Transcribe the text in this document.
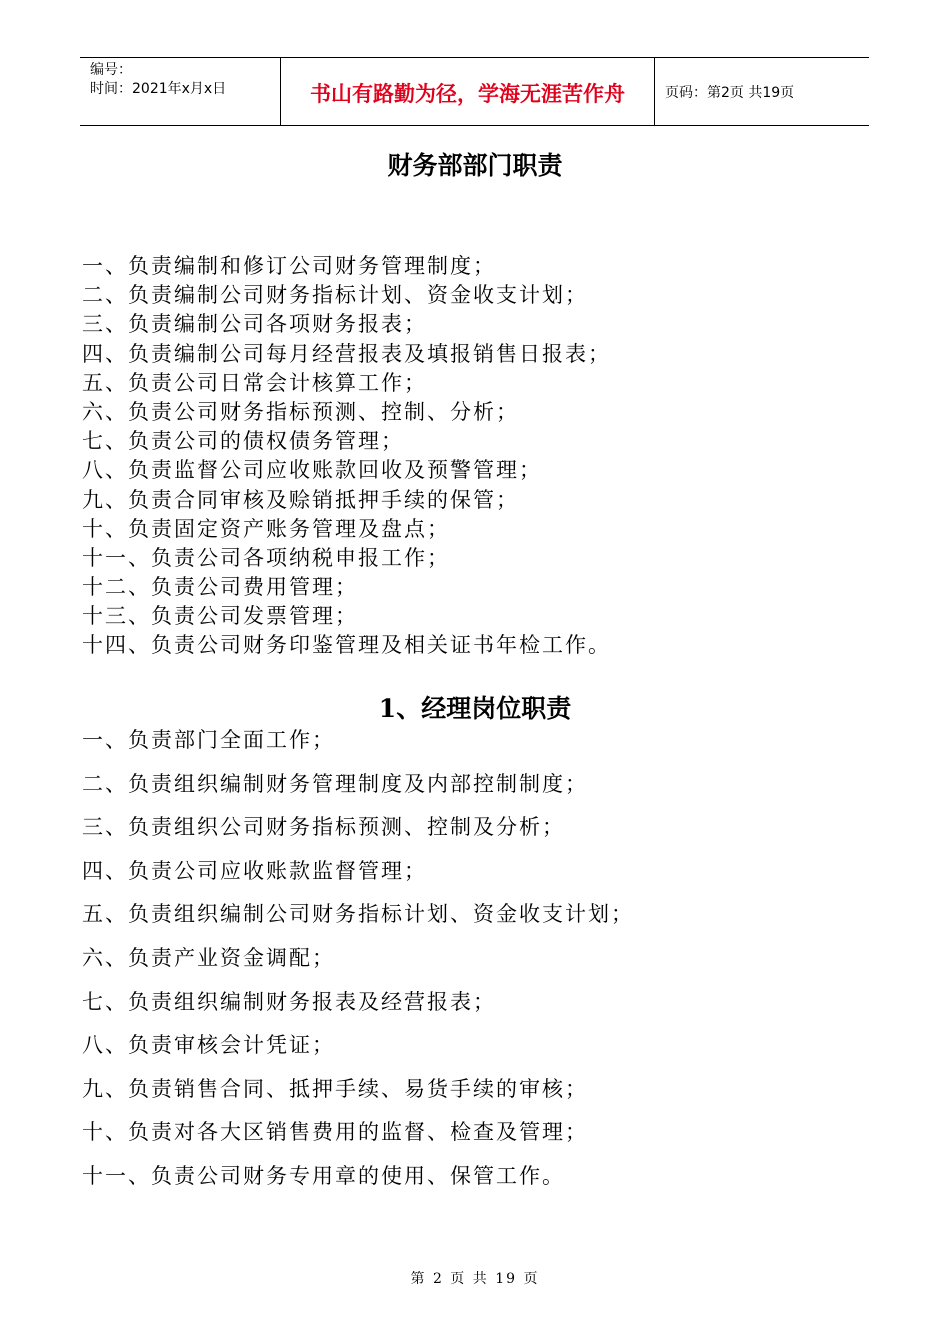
编号：
时间：2021年x月x日	书山有路勤为径，学海无涯苦作舟	页码：第2页 共19页
财务部部门职责
一、负责编制和修订公司财务管理制度；
二、负责编制公司财务指标计划、资金收支计划；
三、负责编制公司各项财务报表；
四、负责编制公司每月经营报表及填报销售日报表；
五、负责公司日常会计核算工作；
六、负责公司财务指标预测、控制、分析；
七、负责公司的债权债务管理；
八、负责监督公司应收账款回收及预警管理；
九、负责合同审核及赊销抵押手续的保管；
十、负责固定资产账务管理及盘点；
十一、负责公司各项纳税申报工作；
十二、负责公司费用管理；
十三、负责公司发票管理；
十四、负责公司财务印鉴管理及相关证书年检工作。
1、经理岗位职责
一、负责部门全面工作；
二、负责组织编制财务管理制度及内部控制制度；
三、负责组织公司财务指标预测、控制及分析；
四、负责公司应收账款监督管理；
五、负责组织编制公司财务指标计划、资金收支计划；
六、负责产业资金调配；
七、负责组织编制财务报表及经营报表；
八、负责审核会计凭证；
九、负责销售合同、抵押手续、易货手续的审核；
十、负责对各大区销售费用的监督、检查及管理；
十一、负责公司财务专用章的使用、保管工作。
第 2 页 共 19 页
